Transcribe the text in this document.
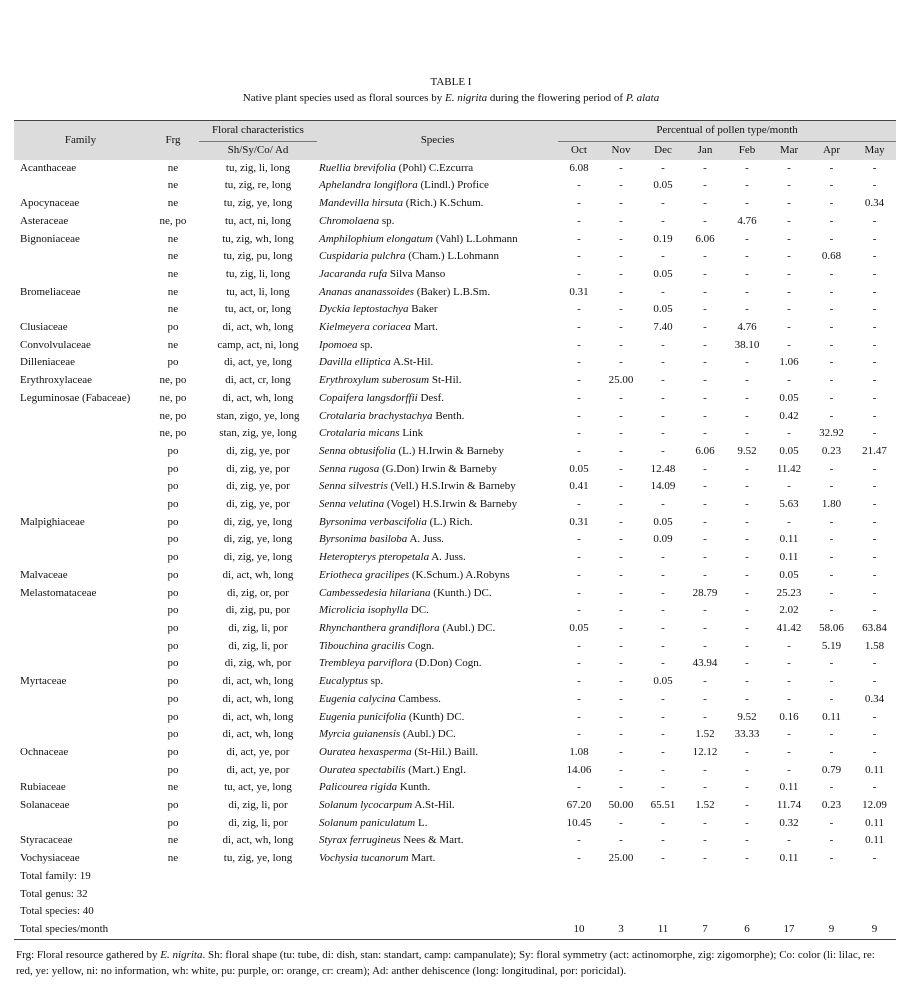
TABLE I
Native plant species used as floral sources by E. nigrita during the flowering period of P. alata
Family	Frg	Floral characteristics	Species	Percentual of pollen type/month							
		Sh/Sy/Co/ Ad		Oct	Nov	Dec	Jan	Feb	Mar	Apr	May
Acanthaceae	ne	tu, zig, li, long	Ruellia brevifolia (Pohl) C.Ezcurra	6.08	-	-	-	-	-	-	-
	ne	tu, zig, re, long	Aphelandra longiflora (Lindl.) Profice	-	-	0.05	-	-	-	-	-
Apocynaceae	ne	tu, zig, ye, long	Mandevilla hirsuta (Rich.) K.Schum.	-	-	-	-	-	-	-	0.34
Asteraceae	ne, po	tu, act, ni, long	Chromolaena sp.	-	-	-	-	4.76	-	-	-
Bignoniaceae	ne	tu, zig, wh, long	Amphilophium elongatum (Vahl) L.Lohmann	-	-	0.19	6.06	-	-	-	-
	ne	tu, zig, pu, long	Cuspidaria pulchra (Cham.) L.Lohmann	-	-	-	-	-	-	0.68	-
	ne	tu, zig, li, long	Jacaranda rufa Silva Manso	-	-	0.05	-	-	-	-	-
Bromeliaceae	ne	tu, act, li, long	Ananas ananassoides (Baker) L.B.Sm.	0.31	-	-	-	-	-	-	-
	ne	tu, act, or, long	Dyckia leptostachya Baker	-	-	0.05	-	-	-	-	-
Clusiaceae	po	di, act, wh, long	Kielmeyera coriacea Mart.	-	-	7.40	-	4.76	-	-	-
Convolvulaceae	ne	camp, act, ni, long	Ipomoea sp.	-	-	-	-	38.10	-	-	-
Dilleniaceae	po	di, act, ye, long	Davilla elliptica A.St-Hil.	-	-	-	-	-	1.06	-	-
Erythroxylaceae	ne, po	di, act, cr, long	Erythroxylum suberosum St-Hil.	-	25.00	-	-	-	-	-	-
Leguminosae (Fabaceae)	ne, po	di, act, wh, long	Copaifera langsdorffii Desf.	-	-	-	-	-	0.05	-	-
	ne, po	stan, zigo, ye, long	Crotalaria brachystachya Benth.	-	-	-	-	-	0.42	-	-
	ne, po	stan, zig, ye, long	Crotalaria micans Link	-	-	-	-	-	-	32.92	-
	po	di, zig, ye, por	Senna obtusifolia (L.) H.Irwin & Barneby	-	-	-	6.06	9.52	0.05	0.23	21.47
	po	di, zig, ye, por	Senna rugosa (G.Don) Irwin & Barneby	0.05	-	12.48	-	-	11.42	-	-
	po	di, zig, ye, por	Senna silvestris (Vell.) H.S.Irwin & Barneby	0.41	-	14.09	-	-	-	-	-
	po	di, zig, ye, por	Senna velutina (Vogel) H.S.Irwin & Barneby	-	-	-	-	-	5.63	1.80	-
Malpighiaceae	po	di, zig, ye, long	Byrsonima verbascifolia (L.) Rich.	0.31	-	0.05	-	-	-	-	-
	po	di, zig, ye, long	Byrsonima basiloba A. Juss.	-	-	0.09	-	-	0.11	-	-
	po	di, zig, ye, long	Heteropterys pteropetala A. Juss.	-	-	-	-	-	0.11	-	-
Malvaceae	po	di, act, wh, long	Eriotheca gracilipes (K.Schum.) A.Robyns	-	-	-	-	-	0.05	-	-
Melastomataceae	po	di, zig, or, por	Cambessedesia hilariana (Kunth.) DC.	-	-	-	28.79	-	25.23	-	-
	po	di, zig, pu, por	Microlicia isophylla DC.	-	-	-	-	-	2.02	-	-
	po	di, zig, li, por	Rhynchanthera grandiflora (Aubl.) DC.	0.05	-	-	-	-	41.42	58.06	63.84
	po	di, zig, li, por	Tibouchina gracilis Cogn.	-	-	-	-	-	-	5.19	1.58
	po	di, zig, wh, por	Trembleya parviflora (D.Don) Cogn.	-	-	-	43.94	-	-	-	-
Myrtaceae	po	di, act, wh, long	Eucalyptus sp.	-	-	0.05	-	-	-	-	-
	po	di, act, wh, long	Eugenia calycina Cambess.	-	-	-	-	-	-	-	0.34
	po	di, act, wh, long	Eugenia punicifolia (Kunth) DC.	-	-	-	-	9.52	0.16	0.11	-
	po	di, act, wh, long	Myrcia guianensis (Aubl.) DC.	-	-	-	1.52	33.33	-	-	-
Ochnaceae	po	di, act, ye, por	Ouratea hexasperma (St-Hil.) Baill.	1.08	-	-	12.12	-	-	-	-
	po	di, act, ye, por	Ouratea spectabilis (Mart.) Engl.	14.06	-	-	-	-	-	0.79	0.11
Rubiaceae	ne	tu, act, ye, long	Palicourea rigida Kunth.	-	-	-	-	-	0.11	-	-
Solanaceae	po	di, zig, li, por	Solanum lycocarpum A.St-Hil.	67.20	50.00	65.51	1.52	-	11.74	0.23	12.09
	po	di, zig, li, por	Solanum paniculatum L.	10.45	-	-	-	-	0.32	-	0.11
Styracaceae	ne	di, act, wh, long	Styrax ferrugineus Nees & Mart.	-	-	-	-	-	-	-	0.11
Vochysiaceae	ne	tu, zig, ye, long	Vochysia tucanorum Mart.	-	25.00	-	-	-	0.11	-	-
Total family: 19											
Total genus: 32											
Total species: 40											
Total species/month				10	3	11	7	6	17	9	9
Frg: Floral resource gathered by E. nigrita. Sh: floral shape (tu: tube, di: dish, stan: standart, camp: campanulate); Sy: floral symmetry (act: actinomorphe, zig: zigomorphe); Co: color (li: lilac, re: red, ye: yellow, ni: no information, wh: white, pu: purple, or: orange, cr: cream); Ad: anther dehiscence (long: longitudinal, por: poricidal).
